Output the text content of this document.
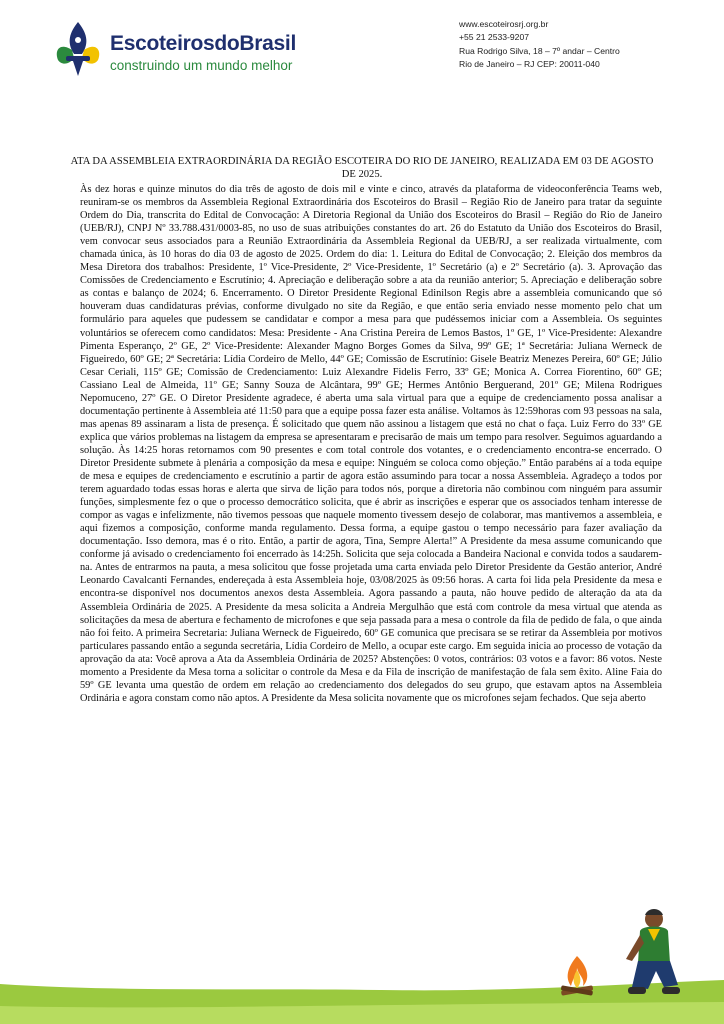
EscoteirosdoBrasil
construindo um mundo melhor
www.escoteirosrj.org.br
+55 21 2533-9207
Rua Rodrigo Silva, 18 – 7º andar – Centro
Rio de Janeiro – RJ CEP: 20011-040
ATA DA ASSEMBLEIA EXTRAORDINÁRIA DA REGIÃO ESCOTEIRA DO RIO DE JANEIRO, REALIZADA EM 03 DE AGOSTO DE 2025.
Às dez horas e quinze minutos do dia três de agosto de dois mil e vinte e cinco, através da plataforma de videoconferência Teams web, reuniram-se os membros da Assembleia Regional Extraordinária dos Escoteiros do Brasil – Região Rio de Janeiro para tratar da seguinte Ordem do Dia, transcrita do Edital de Convocação: A Diretoria Regional da União dos Escoteiros do Brasil – Região do Rio de Janeiro (UEB/RJ), CNPJ Nº 33.788.431/0003-85, no uso de suas atribuições constantes do art. 26 do Estatuto da União dos Escoteiros do Brasil, vem convocar seus associados para a Reunião Extraordinária da Assembleia Regional da UEB/RJ, a ser realizada virtualmente, com chamada única, às 10 horas do dia 03 de agosto de 2025. Ordem do dia: 1. Leitura do Edital de Convocação; 2. Eleição dos membros da Mesa Diretora dos trabalhos: Presidente, 1º Vice-Presidente, 2º Vice-Presidente, 1º Secretário (a) e 2º Secretário (a). 3. Aprovação das Comissões de Credenciamento e Escrutínio; 4. Apreciação e deliberação sobre a ata da reunião anterior; 5. Apreciação e deliberação sobre as contas e balanço de 2024; 6. Encerramento. O Diretor Presidente Regional Edinilson Regis abre a assembleia comunicando que só houveram duas candidaturas prévias, conforme divulgado no site da Região, e que então seria enviado nesse momento pelo chat um formulário para aqueles que pudessem se candidatar e compor a mesa para que pudéssemos iniciar com a Assembleia. Os seguintes voluntários se oferecem como candidatos: Mesa: Presidente - Ana Cristina Pereira de Lemos Bastos, 1º GE, 1º Vice-Presidente: Alexandre Pimenta Esperanço, 2º GE, 2º Vice-Presidente: Alexander Magno Borges Gomes da Silva, 99º GE; 1ª Secretária: Juliana Werneck de Figueiredo, 60º GE; 2ª Secretária: Lídia Cordeiro de Mello, 44º GE; Comissão de Escrutínio: Gisele Beatriz Menezes Pereira, 60º GE; Júlio Cesar Ceriali, 115º GE; Comissão de Credenciamento: Luiz Alexandre Fidelis Ferro, 33º GE; Monica A. Correa Fiorentino, 60º GE; Cassiano Leal de Almeida, 11º GE; Sanny Souza de Alcântara, 99º GE; Hermes Antônio Berguerand, 201º GE; Milena Rodrigues Nepomuceno, 27º GE. O Diretor Presidente agradece, é aberta uma sala virtual para que a equipe de credenciamento possa analisar a documentação pertinente à Assembleia até 11:50 para que a equipe possa fazer esta análise. Voltamos às 12:59horas com 93 pessoas na sala, mas apenas 89 assinaram a lista de presença. É solicitado que quem não assinou a listagem que está no chat o faça. Luiz Ferro do 33º GE explica que vários problemas na listagem da empresa se apresentaram e precisarão de mais um tempo para resolver. Seguimos aguardando a solução. Às 14:25 horas retornamos com 90 presentes e com total controle dos votantes, e o credenciamento encontra-se encerrado. O Diretor Presidente submete à plenária a composição da mesa e equipe: Ninguém se coloca como objeção.” Então parabéns aí a toda equipe de mesa e equipes de credenciamento e escrutínio a partir de agora estão assumindo para tocar a nossa Assembleia. Agradeço a todos por terem aguardado todas essas horas e alerta que sirva de lição para todos nós, porque a diretoria não combinou com ninguém para assumir funções, simplesmente fez o que o processo democrático solicita, que é abrir as inscrições e esperar que os associados tenham interesse de compor as vagas e infelizmente, não tivemos pessoas que naquele momento tivessem desejo de colaborar, mas mantivemos a assembleia, e aqui fizemos a composição, conforme manda regulamento. Dessa forma, a equipe gastou o tempo necessário para fazer avaliação da documentação. Isso demora, mas é o rito. Então, a partir de agora, Tina, Sempre Alerta!” A Presidente da mesa assume comunicando que conforme já avisado o credenciamento foi encerrado às 14:25h. Solicita que seja colocada a Bandeira Nacional e convida todos a saudarem-na. Antes de entrarmos na pauta, a mesa solicitou que fosse projetada uma carta enviada pelo Diretor Presidente da Gestão anterior, André Leonardo Cavalcanti Fernandes, endereçada à esta Assembleia hoje, 03/08/2025 às 09:56 horas. A carta foi lida pela Presidente da mesa e encontra-se disponível nos documentos anexos desta Assembleia. Agora passando a pauta, não houve pedido de alteração da ata da Assembleia Ordinária de 2025. A Presidente da mesa solicita a Andreia Mergulhão que está com controle da mesa virtual que atenda as solicitações da mesa de abertura e fechamento de microfones e que seja passada para a mesa o controle da fila de pedido de fala, o que ainda não foi feito. A primeira Secretaria: Juliana Werneck de Figueiredo, 60º GE comunica que precisara se se retirar da Assembleia por motivos particulares passando então a segunda secretária, Lídia Cordeiro de Mello, a ocupar este cargo. Em seguida inicia ao processo de votação da aprovação da ata: Você aprova a Ata da Assembleia Ordinária de 2025? Abstenções: 0 votos, contrários: 03 votos e a favor: 86 votos. Neste momento a Presidente da Mesa torna a solicitar o controle da Mesa e da Fila de inscrição de manifestação de fala sem êxito. Aline Faia do 59º GE levanta uma questão de ordem em relação ao credenciamento dos delegados do seu grupo, que estavam aptos na Assembleia Ordinária e agora constam como não aptos. A Presidente da Mesa solicita novamente que os microfones sejam fechados. Que seja aberto
